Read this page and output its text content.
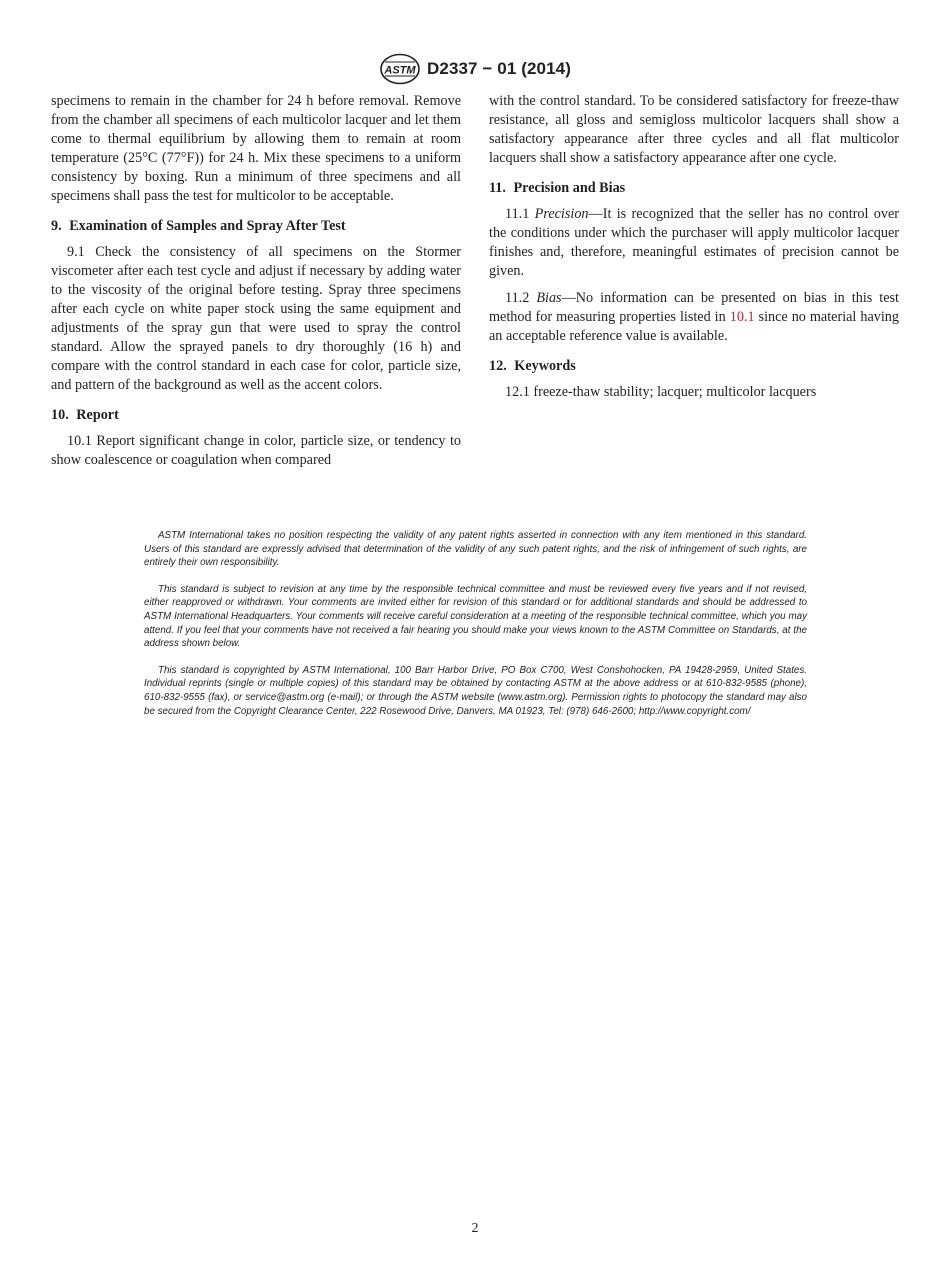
ASTM D2337 − 01 (2014)

specimens to remain in the chamber for 24 h before removal. Remove from the chamber all specimens of each multicolor lacquer and let them come to thermal equilibrium by allowing them to remain at room temperature (25°C (77°F)) for 24 h. Mix these specimens to a uniform consistency by boxing. Run a minimum of three specimens and all specimens shall pass the test for multicolor to be acceptable.

9. Examination of Samples and Spray After Test

9.1 Check the consistency of all specimens on the Stormer viscometer after each test cycle and adjust if necessary by adding water to the viscosity of the original before testing. Spray three specimens after each cycle on white paper stock using the same equipment and adjustments of the spray gun that were used to spray the control standard. Allow the sprayed panels to dry thoroughly (16 h) and compare with the control standard in each case for color, particle size, and pattern of the background as well as the accent colors.

10. Report

10.1 Report significant change in color, particle size, or tendency to show coalescence or coagulation when compared

with the control standard. To be considered satisfactory for freeze-thaw resistance, all gloss and semigloss multicolor lacquers shall show a satisfactory appearance after three cycles and all flat multicolor lacquers shall show a satisfactory appearance after one cycle.

11. Precision and Bias

11.1 Precision—It is recognized that the seller has no control over the conditions under which the purchaser will apply multicolor lacquer finishes and, therefore, meaningful estimates of precision cannot be given.

11.2 Bias—No information can be presented on bias in this test method for measuring properties listed in 10.1 since no material having an acceptable reference value is available.

12. Keywords

12.1 freeze-thaw stability; lacquer; multicolor lacquers

ASTM International takes no position respecting the validity of any patent rights asserted in connection with any item mentioned in this standard. Users of this standard are expressly advised that determination of the validity of any such patent rights, and the risk of infringement of such rights, are entirely their own responsibility.

This standard is subject to revision at any time by the responsible technical committee and must be reviewed every five years and if not revised, either reapproved or withdrawn. Your comments are invited either for revision of this standard or for additional standards and should be addressed to ASTM International Headquarters. Your comments will receive careful consideration at a meeting of the responsible technical committee, which you may attend. If you feel that your comments have not received a fair hearing you should make your views known to the ASTM Committee on Standards, at the address shown below.

This standard is copyrighted by ASTM International, 100 Barr Harbor Drive, PO Box C700, West Conshohocken, PA 19428-2959, United States. Individual reprints (single or multiple copies) of this standard may be obtained by contacting ASTM at the above address or at 610-832-9585 (phone), 610-832-9555 (fax), or service@astm.org (e-mail); or through the ASTM website (www.astm.org). Permission rights to photocopy the standard may also be secured from the Copyright Clearance Center, 222 Rosewood Drive, Danvers, MA 01923, Tel: (978) 646-2600; http://www.copyright.com/

2
